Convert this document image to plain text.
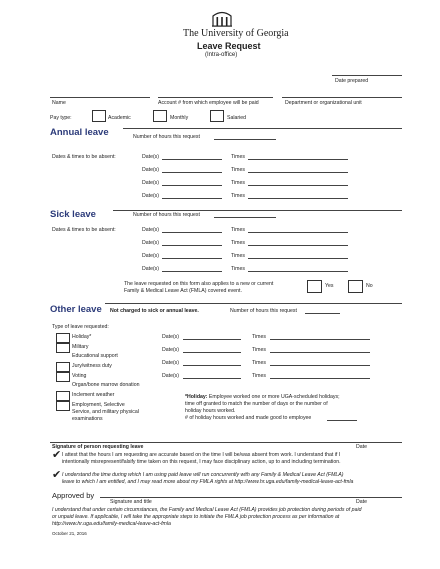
The University of Georgia
Leave Request
(Intra-office)
Date prepared
Name	Account # from which employee will be paid	Department or organizational unit
Pay type:	Academic	Monthly	Salaried
Annual leave	Number of hours this request
Dates & times to be absent:	Date(s)	Times
Date(s)	Times
Date(s)	Times
Date(s)	Times
Sick leave	Number of hours this request
Dates & times to be absent:	Date(s)	Times
Date(s)	Times
Date(s)	Times
Date(s)	Times
The leave requested on this form also applies to a new or current
Family & Medical Leave Act (FMLA) covered event.
Yes	No
Other leave Not charged to sick or annual leave.	Number of hours this request
Type of leave requested:
Holiday*
Military
Educational support
Jury/witness duty
Voting
Organ/bone marrow donation
Inclement weather
Employment, Selective
Service, and military physical
examinations
Date(s)	Times
Date(s)	Times
Date(s)	Times
Date(s)	Times
*Holiday: Employee worked one or more UGA-scheduled holidays;
time off granted to match the number of days or the number of
holiday hours worked.
# of holiday hours worked and made good to employee
Signature of person requesting leave	Date
✔ I attest that the hours I am requesting are accurate based on the time I will be/was absent from work. I understand that if I
intentionally misrepresent/falsify time taken on this request, I may face disciplinary action, up to and including termination.
✔ I understand the time during which I am using paid leave will run concurrently with any Family & Medical Leave Act (FMLA)
leave to which I am entitled, and I may read more about my FMLA rights at http://www.hr.uga.edu/family-medical-leave-act-fmla
Approved by
Signature and title	Date
I understand that under certain circumstances, the Family and Medical Leave Act (FMLA) provides job protection during periods of paid
or unpaid leave. If applicable, I will take the appropriate steps to initiate the FMLA job protection process as per information at
http://www.hr.uga.edu/family-medical-leave-act-fmla
October 21, 2016
